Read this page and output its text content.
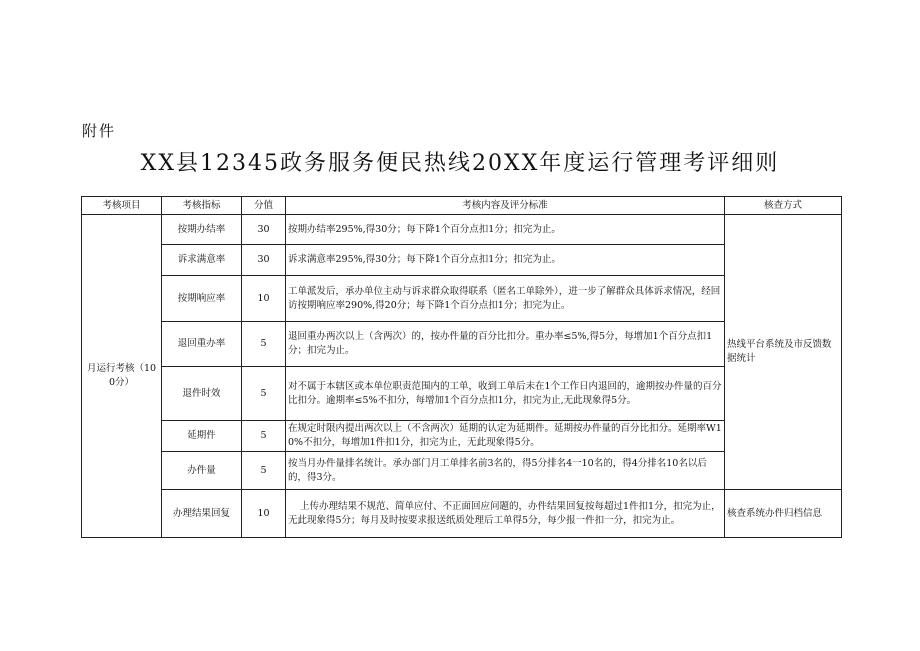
附件
XX县12345政务服务便民热线20XX年度运行管理考评细则
考核项目	考核指标	分值	考核内容及评分标准	核查方式
月运行考核（100分）	按期办结率	30	按期办结率295%,得30分；每下降1个百分点扣1分；扣完为止。	热线平台系统及市反馈数据统计
	诉求满意率	30	诉求满意率295%,得30分；每下降1个百分点扣1分；扣完为止。	
	按期响应率	10	工单派发后，承办单位主动与诉求群众取得联系（匿名工单除外），进一步了解群众具体诉求情况，经回访按期响应率290%,得20分；每下降1个百分点扣1分；扣完为止。	
	退回重办率	5	退回重办两次以上（含两次）的，按办件量的百分比扣分。重办率≤5%,得5分，每增加1个百分点扣1分；扣完为止。	
	退件时效	5	对不属于本辖区或本单位职责范围内的工单，收到工单后未在1个工作日内退回的，逾期按办件量的百分比扣分。逾期率≤5%不扣分，每增加1个百分点扣1分，扣完为止,无此现象得5分。	
	延期件	5	在规定时限内提出两次以上（不含两次）延期的认定为延期件。延期按办件量的百分比扣分。延期率W10%不扣分，每增加1件扣1分，扣完为止，无此现象得5分。	
	办件量	5	按当月办件量排名统计。承办部门月工单排名前3名的，得5分排名4一10名的，得4分排名10名以后的，得3分。	
	办理结果回复	10	上传办理结果不规范、简单应付、不正面回应问题的，办件结果回复按每超过1件扣1分，扣完为止，无此现象得5分；每月及时按要求报送纸质处理后工单得5分，每少报一件扣一分，扣完为止。	核查系统办件归档信息
